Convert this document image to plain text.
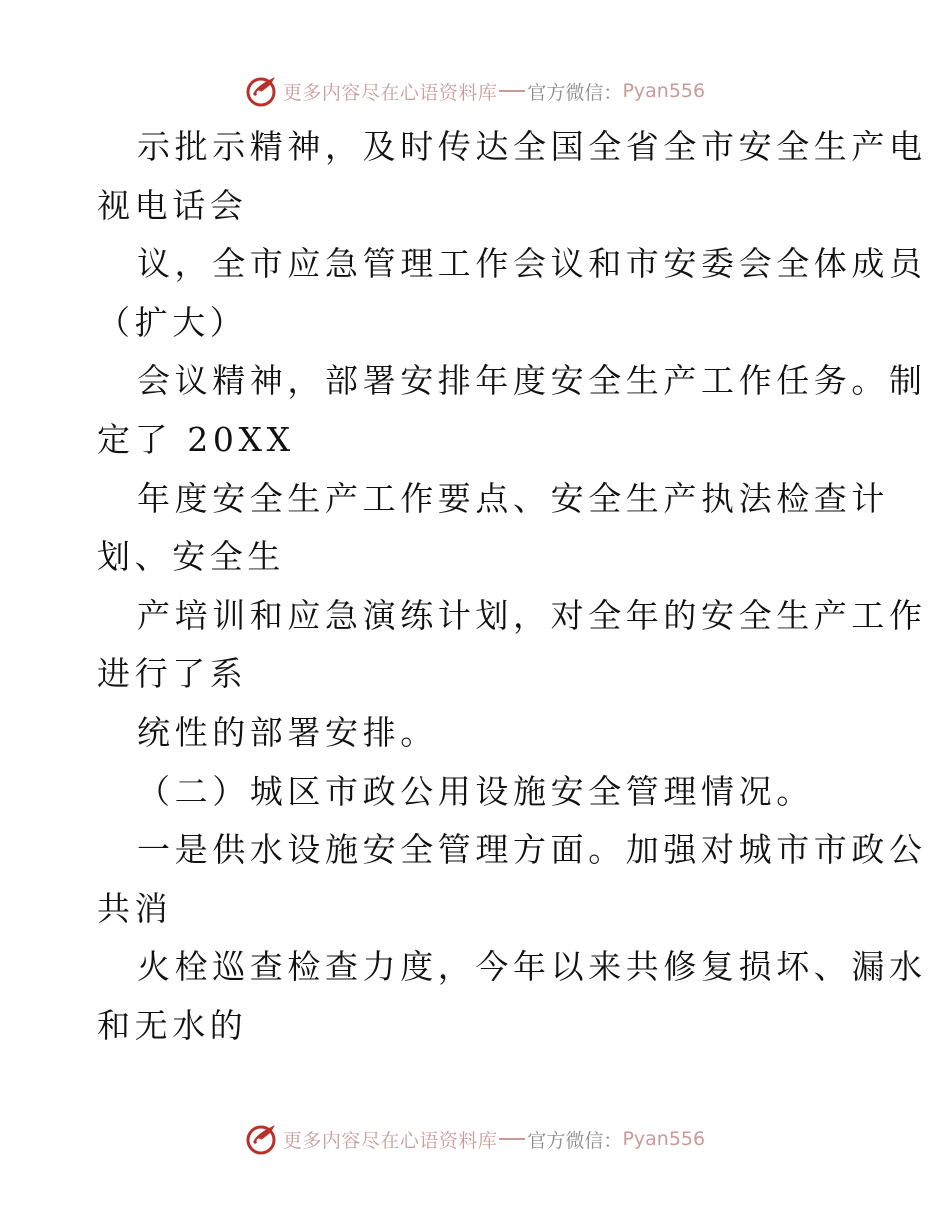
更多内容尽在心语资料库 官方微信： Pyan556
示批示精神，及时传达全国全省全市安全生产电
视电话会
议，全市应急管理工作会议和市安委会全体成员
（扩大）
会议精神，部署安排年度安全生产工作任务。制
定了 20XX
年度安全生产工作要点、安全生产执法检查计
划、安全生
产培训和应急演练计划，对全年的安全生产工作
进行了系
统性的部署安排。
（二）城区市政公用设施安全管理情况。
一是供水设施安全管理方面。加强对城市市政公
共消
火栓巡查检查力度，今年以来共修复损坏、漏水
和无水的
更多内容尽在心语资料库 官方微信： Pyan556
